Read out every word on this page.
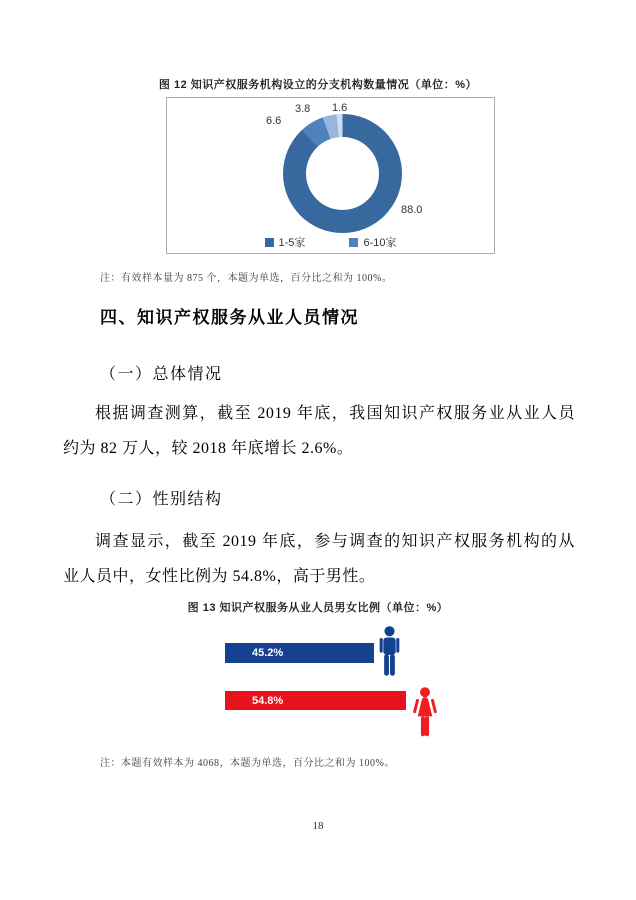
图 12 知识产权服务机构设立的分支机构数量情况（单位：%）
88.0
6.6
3.8 1.6
1-5家	6-10家
注：有效样本量为 875 个，本题为单选，百分比之和为 100%。
四、知识产权服务从业人员情况
（一）总体情况
根据调查测算，截至 2019 年底，我国知识产权服务业从业人员
约为 82 万人，较 2018 年底增长 2.6%。
（二）性别结构
调查显示，截至 2019 年底，参与调查的知识产权服务机构的从
业人员中，女性比例为 54.8%，高于男性。
图 13 知识产权服务从业人员男女比例（单位：%）
45.2%
54.8%
注：本题有效样本为 4068，本题为单选，百分比之和为 100%。
18
